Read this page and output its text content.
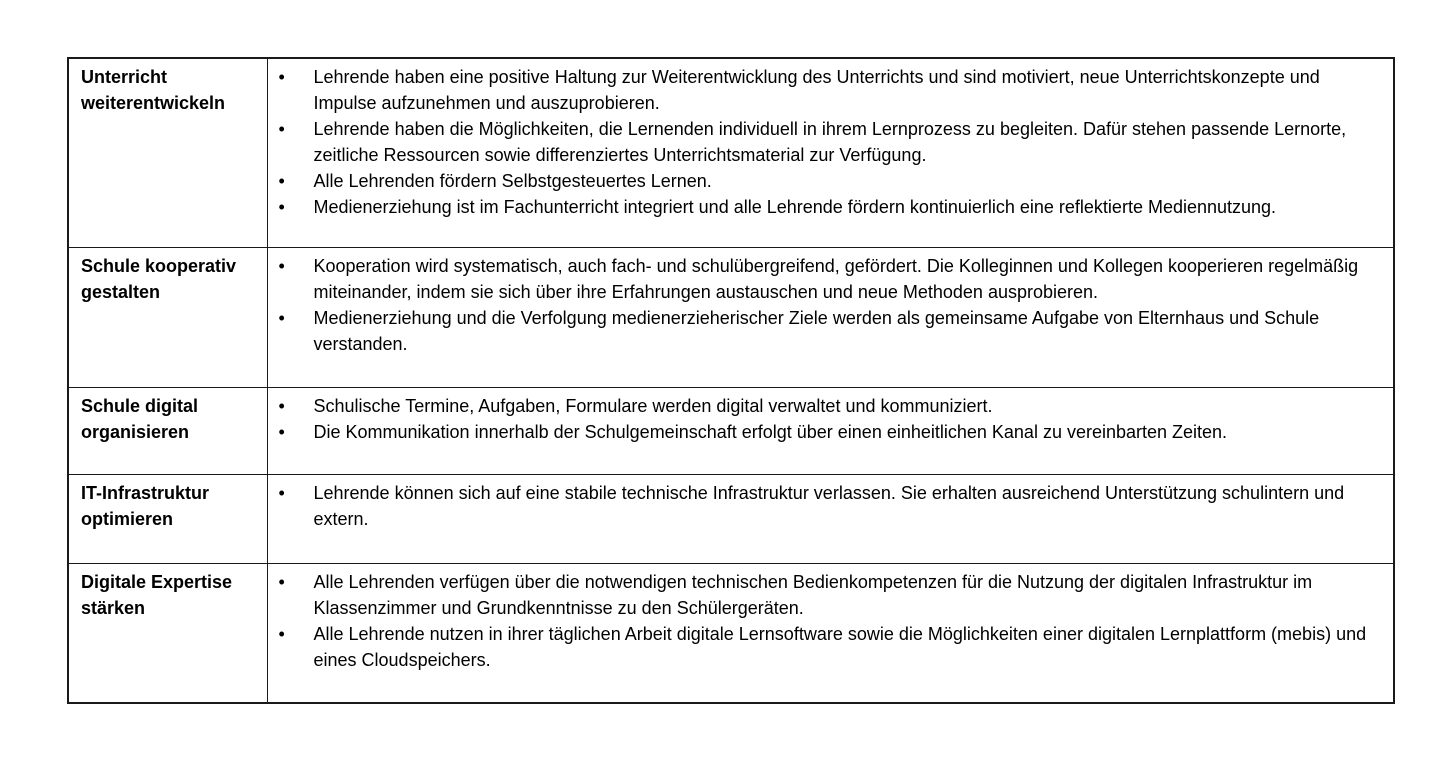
Unterricht weiterentwickeln	
•
Lehrende haben eine positive Haltung zur Weiterentwicklung des Unterrichts und sind motiviert, neue Unterrichtskonzepte und Impulse aufzunehmen und auszuprobieren.
•
Lehrende haben die Möglichkeiten, die Lernenden individuell in ihrem Lernprozess zu begleiten. Dafür stehen passende Lernorte, zeitliche Ressourcen sowie differenziertes Unterrichtsmaterial zur Verfügung.
•
Alle Lehrenden fördern Selbstgesteuertes Lernen.
•
Medienerziehung ist im Fachunterricht integriert und alle Lehrende fördern kontinuierlich eine reflektierte Mediennutzung.

Schule kooperativ gestalten	
•
Kooperation wird systematisch, auch fach- und schulübergreifend, gefördert. Die Kolleginnen und Kollegen kooperieren regelmäßig miteinander, indem sie sich über ihre Erfahrungen austauschen und neue Methoden ausprobieren.
•
Medienerziehung und die Verfolgung medienerzieherischer Ziele werden als gemeinsame Aufgabe von Elternhaus und Schule verstanden.

Schule digital organisieren	
•
Schulische Termine, Aufgaben, Formulare werden digital verwaltet und kommuniziert.
•
Die Kommunikation innerhalb der Schulgemeinschaft erfolgt über einen einheitlichen Kanal zu vereinbarten Zeiten.

IT-Infrastruktur optimieren	
•
Lehrende können sich auf eine stabile technische Infrastruktur verlassen. Sie erhalten ausreichend Unterstützung schulintern und extern.

Digitale Expertise stärken	
•
Alle Lehrenden verfügen über die notwendigen technischen Bedienkompetenzen für die Nutzung der digitalen Infrastruktur im Klassenzimmer und Grundkenntnisse zu den Schülergeräten.
•
Alle Lehrende nutzen in ihrer täglichen Arbeit digitale Lernsoftware sowie die Möglichkeiten einer digitalen Lernplattform (mebis) und eines Cloudspeichers.
